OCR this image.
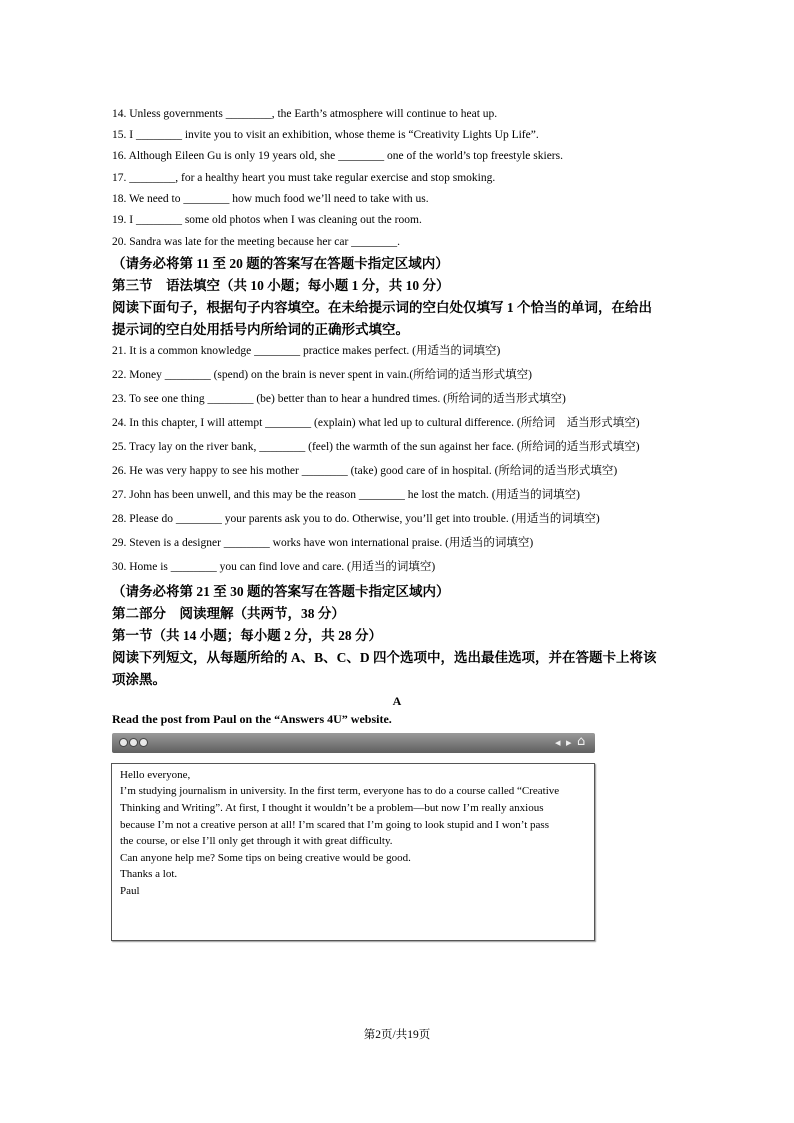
14. Unless governments ________, the Earth’s atmosphere will continue to heat up.
15. I ________ invite you to visit an exhibition, whose theme is “Creativity Lights Up Life”.
16. Although Eileen Gu is only 19 years old, she ________ one of the world’s top freestyle skiers.
17. ________, for a healthy heart you must take regular exercise and stop smoking.
18. We need to ________ how much food we’ll need to take with us.
19. I ________ some old photos when I was cleaning out the room.
20. Sandra was late for the meeting because her car ________.
（请务必将第 11 至 20 题的答案写在答题卡指定区域内）
第三节　语法填空（共 10 小题；每小题 1 分，共 10 分）
阅读下面句子，根据句子内容填空。在未给提示词的空白处仅填写 1 个恰当的单词，在给出
提示词的空白处用括号内所给词的正确形式填空。
21. It is a common knowledge ________ practice makes perfect. (用适当的词填空)
22. Money ________ (spend) on the brain is never spent in vain.(所给词的适当形式填空)
23. To see one thing ________ (be) better than to hear a hundred times. (所给词的适当形式填空)
24. In this chapter, I will attempt ________ (explain) what led up to cultural difference. (所给词　适当形式填空)
25. Tracy lay on the river bank, ________ (feel) the warmth of the sun against her face. (所给词的适当形式填空)
26. He was very happy to see his mother ________ (take) good care of in hospital. (所给词的适当形式填空)
27. John has been unwell, and this may be the reason ________ he lost the match. (用适当的词填空)
28. Please do ________ your parents ask you to do. Otherwise, you’ll get into trouble. (用适当的词填空)
29. Steven is a designer ________ works have won international praise. (用适当的词填空)
30. Home is ________ you can find love and care. (用适当的词填空)
（请务必将第 21 至 30 题的答案写在答题卡指定区域内）
第二部分　阅读理解（共两节，38 分）
第一节（共 14 小题；每小题 2 分，共 28 分）
阅读下列短文，从每题所给的 A、B、C、D 四个选项中，选出最佳选项，并在答题卡上将该
项涂黑。
A
Read the post from Paul on the “Answers 4U” website.
◂ ▸ ⌂
Hello everyone,
I’m studying journalism in university. In the first term, everyone has to do a course called “Creative
Thinking and Writing”. At first, I thought it wouldn’t be a problem—but now I’m really anxious
because I’m not a creative person at all! I’m scared that I’m going to look stupid and I won’t pass
the course, or else I’ll only get through it with great difficulty.
Can anyone help me? Some tips on being creative would be good.
Thanks a lot.
Paul
第2页/共19页
